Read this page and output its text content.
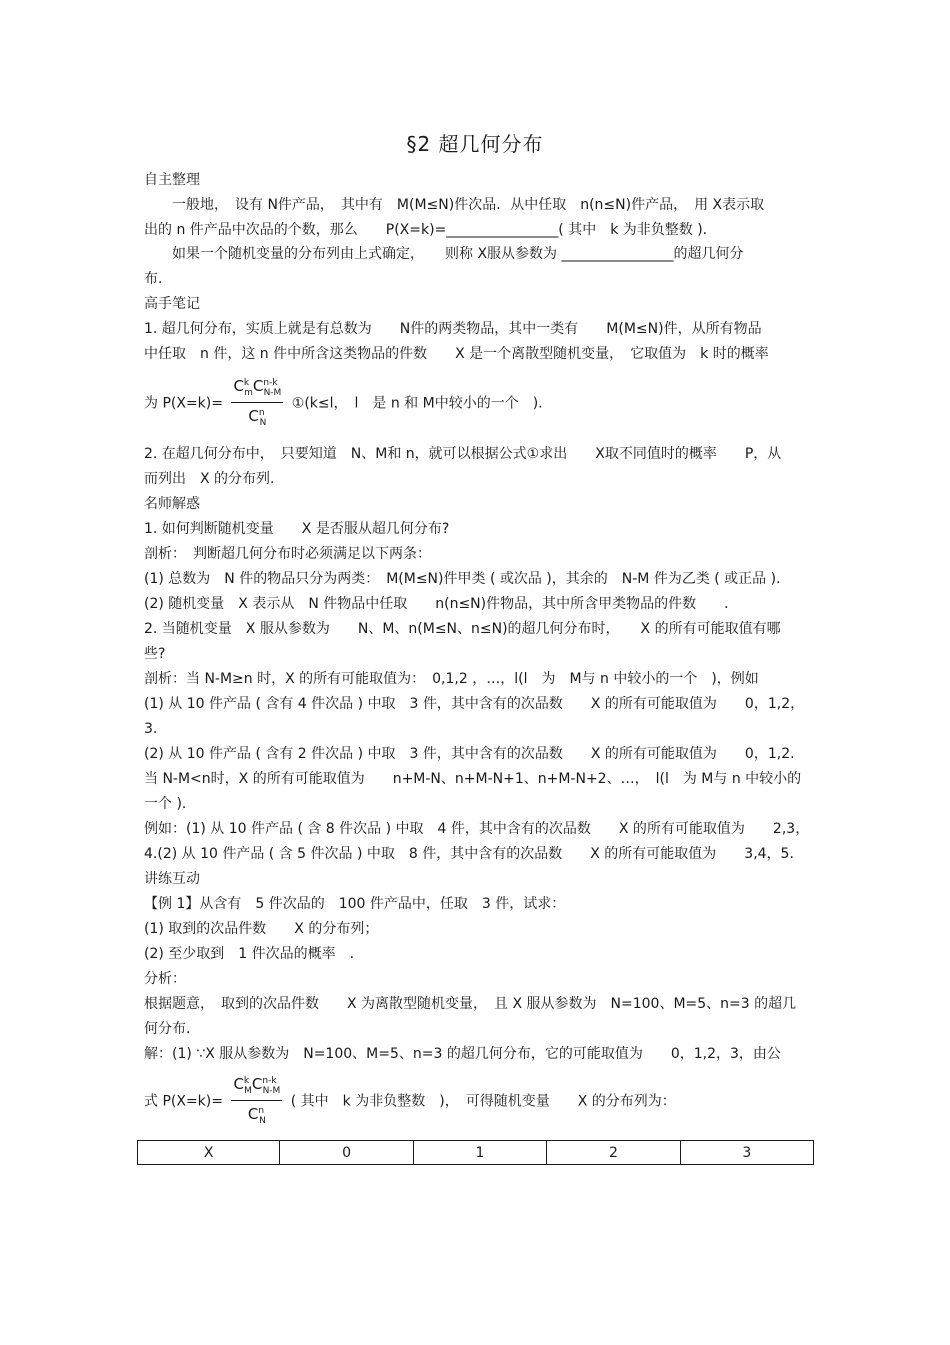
§2 超几何分布
自主整理
　　一般地，　设有 N件产品，　其中有　M(M≤N)件次品．从中任取　n(n≤N)件产品，　用 X表示取
出的 n 件产品中次品的个数，那么　　P(X=k)=________________( 其中　k 为非负整数 )．
　　如果一个随机变量的分布列由上式确定，　　则称 X服从参数为 ________________的超几何分
布．
高手笔记
1. 超几何分布，实质上就是有总数为　　N件的两类物品，其中一类有　　M(M≤N)件，从所有物品
中任取　n 件，这 n 件中所含这类物品的件数　　X 是一个离散型随机变量，　它取值为　k 时的概率
2. 在超几何分布中，　只要知道　N、M和 n，就可以根据公式①求出　　X取不同值时的概率　　P，从
而列出　X 的分布列．
名师解惑
1. 如何判断随机变量　　X 是否服从超几何分布?
剖析：　判断超几何分布时必须满足以下两条：
(1) 总数为　N 件的物品只分为两类：　M(M≤N)件甲类 ( 或次品 )，其余的　N-M 件为乙类 ( 或正品 )．
(2) 随机变量　X 表示从　N 件物品中任取　　n(n≤N)件物品，其中所含甲类物品的件数　　．
2. 当随机变量　X 服从参数为　　N、M、n(M≤N、n≤N)的超几何分布时，　　X 的所有可能取值有哪
些?
剖析：当 N-M≥n 时，X 的所有可能取值为：　0,1,2 ，…，l(l　为　M与 n 中较小的一个　)，例如
(1) 从 10 件产品 ( 含有 4 件次品 ) 中取　3 件，其中含有的次品数　　X 的所有可能取值为　　0，1,2，
3.
(2) 从 10 件产品 ( 含有 2 件次品 ) 中取　3 件，其中含有的次品数　　X 的所有可能取值为　　0，1,2.
当 N-M<n时，X 的所有可能取值为　　n+M-N、n+M-N+1、n+M-N+2、…，　l(l　为 M与 n 中较小的
一个 )．
例如：(1) 从 10 件产品 ( 含 8 件次品 ) 中取　4 件，其中含有的次品数　　X 的所有可能取值为　　2,3，
4.(2) 从 10 件产品 ( 含 5 件次品 ) 中取　8 件，其中含有的次品数　　X 的所有可能取值为　　3,4，5.
讲练互动
【例 1】从含有　5 件次品的　100 件产品中，任取　3 件，试求：
(1) 取到的次品件数　　X 的分布列；
(2) 至少取到　1 件次品的概率　．
分析：
根据题意，　取到的次品件数　　X 为离散型随机变量，　且 X 服从参数为　N=100、M=5、n=3 的超几
何分布．
解：(1) ∵X 服从参数为　N=100、M=5、n=3 的超几何分布，它的可能取值为　　0，1,2，3，由公
为 $P(X=k)= \frac{C^k_mC^{n-k}_{N-M}}{C^n_N}$ ①(k≤l，　l　是 n 和 M中较小的一个　).
式 $P(X=k)= \frac{C^k_MC^{n-k}_{N-M}}{C^n_N}$ ( 其中　k 为非负整数　)，　可得随机变量　　X 的分布列为：
X	0	1	2	3
